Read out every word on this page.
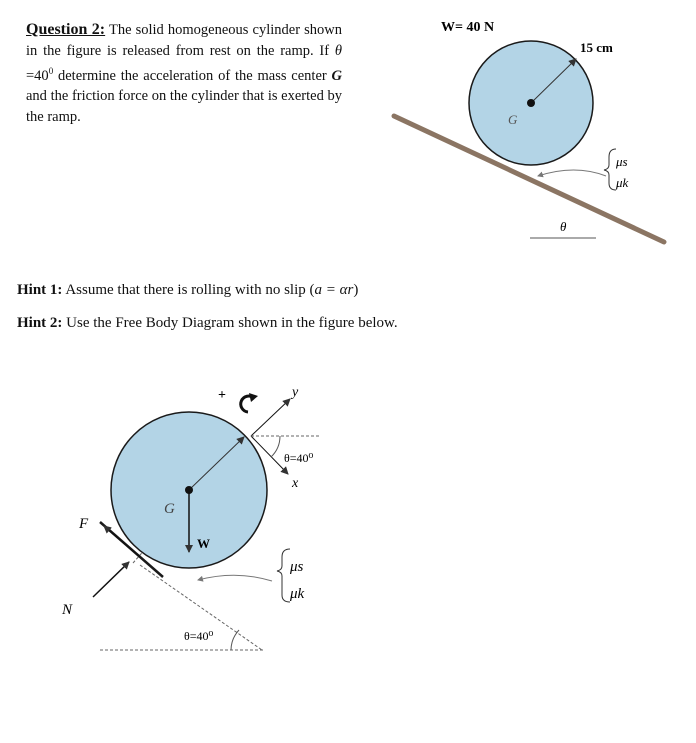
Question 2: The solid homogeneous cylinder shown in the figure is released from rest on the ramp. If $\theta =40^0$ determine the acceleration of the mass center G and the friction force on the cylinder that is exerted by the ramp.
Hint 1: Assume that there is rolling with no slip (a = αr)
Hint 2: Use the Free Body Diagram shown in the figure below.
θ
G
W= 40 N
15 cm
μs
μk
G
W
F
N
θ=40⁰
μs
μk
y
x
θ=40⁰
+
